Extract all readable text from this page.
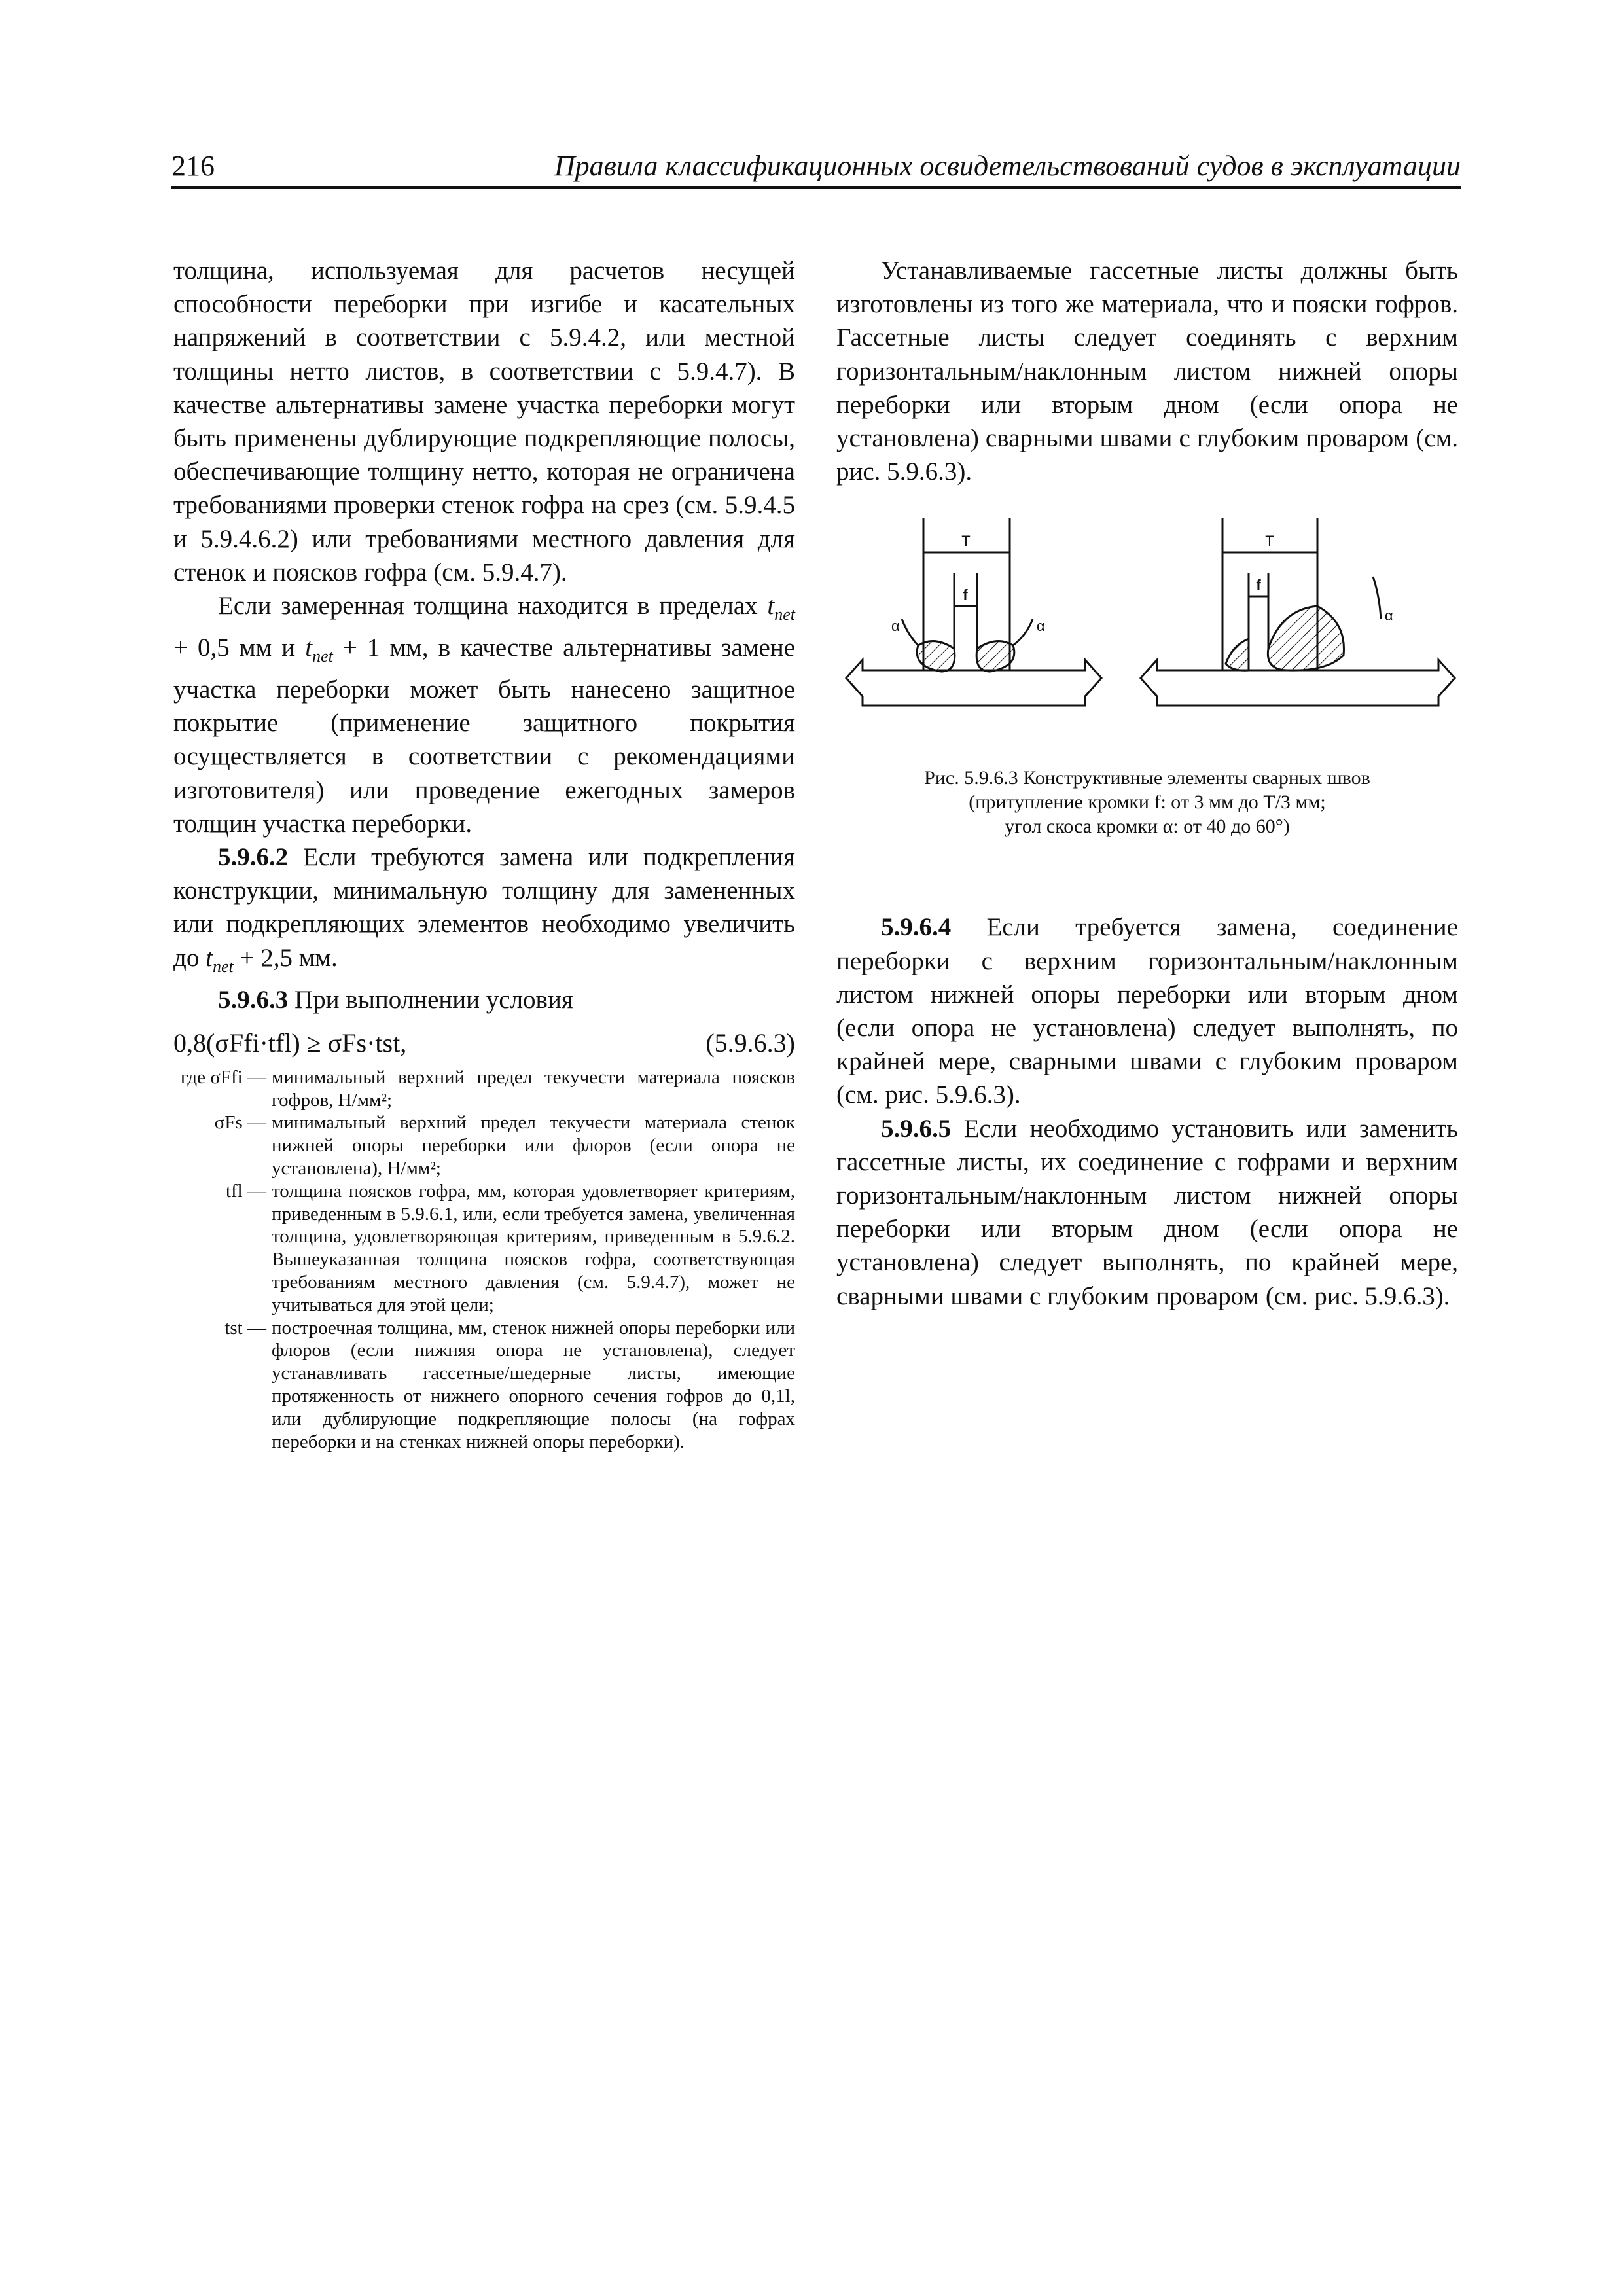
216	Правила классификационных освидетельствований судов в эксплуатации

толщина, используемая для расчетов несущей способности переборки при изгибе и касательных напряжений в соответствии с 5.9.4.2, или местной толщины нетто листов, в соответствии с 5.9.4.7). В качестве альтернативы замене участка переборки могут быть применены дублирующие подкрепляющие полосы, обеспечивающие толщину нетто, которая не ограничена требованиями проверки стенок гофра на срез (см. 5.9.4.5 и 5.9.4.6.2) или требованиями местного давления для стенок и поясков гофра (см. 5.9.4.7).

Если замеренная толщина находится в пределах $t_{net} + 0,5$ мм и $t_{net} + 1$ мм, в качестве альтернативы замене участка переборки может быть нанесено защитное покрытие (применение защитного покрытия осуществляется в соответствии с рекомендациями изготовителя) или проведение ежегодных замеров толщин участка переборки.

5.9.6.2 Если требуются замена или подкрепления конструкции, минимальную толщину для замененных или подкрепляющих элементов необходимо увеличить до $t_{net} + 2,5$ мм.

5.9.6.3 При выполнении условия

0,8(σFfi·tfl) ≥ σFs·tst,	(5.9.6.3)
где σFfi — минимальный верхний предел текучести материала поясков гофров, Н/мм²;
σFs — минимальный верхний предел текучести материала стенок нижней опоры переборки или флоров (если опора не установлена), Н/мм²;
tfl — толщина поясков гофра, мм, которая удовлетворяет критериям, приведенным в 5.9.6.1, или, если требуется замена, увеличенная толщина, удовлетворяющая критериям, приведенным в 5.9.6.2. Вышеуказанная толщина поясков гофра, соответствующая требованиям местного давления (см. 5.9.4.7), может не учитываться для этой цели;
tst — построечная толщина, мм, стенок нижней опоры переборки или флоров (если нижняя опора не установлена), следует устанавливать гассетные/шедерные листы, имеющие протяженность от нижнего опорного сечения гофров до 0,1l, или дублирующие подкрепляющие полосы (на гофрах переборки и на стенках нижней опоры переборки).

Устанавливаемые гассетные листы должны быть изготовлены из того же материала, что и пояски гофров. Гассетные листы следует соединять с верхним горизонтальным/наклонным листом нижней опоры переборки или вторым дном (если опора не установлена) сварными швами с глубоким проваром (см. рис. 5.9.6.3).

T
f
α	α
T
f
α
Рис. 5.9.6.3 Конструктивные элементы сварных швов
(притупление кромки f: от 3 мм до T/3 мм;
угол скоса кромки α: от 40 до 60°)

5.9.6.4 Если требуется замена, соединение переборки с верхним горизонтальным/наклонным листом нижней опоры переборки или вторым дном (если опора не установлена) следует выполнять, по крайней мере, сварными швами с глубоким проваром (см. рис. 5.9.6.3).

5.9.6.5 Если необходимо установить или заменить гассетные листы, их соединение с гофрами и верхним горизонтальным/наклонным листом нижней опоры переборки или вторым дном (если опора не установлена) следует выполнять, по крайней мере, сварными швами с глубоким проваром (см. рис. 5.9.6.3).
